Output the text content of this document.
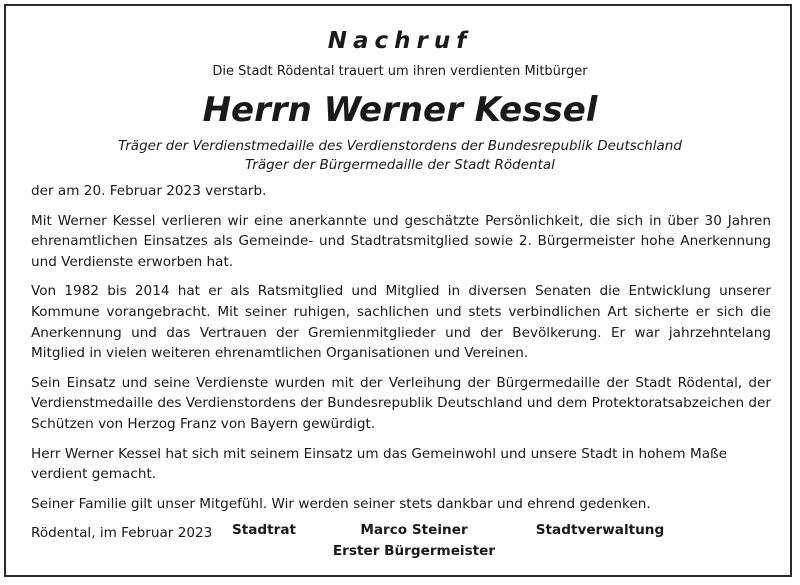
Nachruf
Die Stadt Rödental trauert um ihren verdienten Mitbürger
Herrn Werner Kessel
Träger der Verdienstmedaille des Verdienstordens der Bundesrepublik Deutschland
Träger der Bürgermedaille der Stadt Rödental

der am 20. Februar 2023 verstarb.

Mit Werner Kessel verlieren wir eine anerkannte und geschätzte Persönlichkeit, die sich in über 30 Jahren ehrenamtlichen Einsatzes als Gemeinde- und Stadtratsmitglied sowie 2. Bürgermeister hohe Anerkennung und Verdienste erworben hat.

Von 1982 bis 2014 hat er als Ratsmitglied und Mitglied in diversen Senaten die Entwicklung unserer Kommune vorangebracht. Mit seiner ruhigen, sachlichen und stets verbindlichen Art sicherte er sich die Anerkennung und das Vertrauen der Gremienmitglieder und der Bevölkerung. Er war jahrzehntelang Mitglied in vielen weiteren ehrenamtlichen Organisationen und Vereinen.

Sein Einsatz und seine Verdienste wurden mit der Verleihung der Bürgermedaille der Stadt Rödental, der Verdienstmedaille des Verdienstordens der Bundesrepublik Deutschland und dem Protektoratsabzeichen der Schützen von Herzog Franz von Bayern gewürdigt.

Herr Werner Kessel hat sich mit seinem Einsatz um das Gemeinwohl und unsere Stadt in hohem Maße verdient gemacht.

Seiner Familie gilt unser Mitgefühl. Wir werden seiner stets dankbar und ehrend gedenken.

Rödental, im Februar 2023	Stadtrat	Marco Steiner
Erster Bürgermeister
Stadtverwaltung
